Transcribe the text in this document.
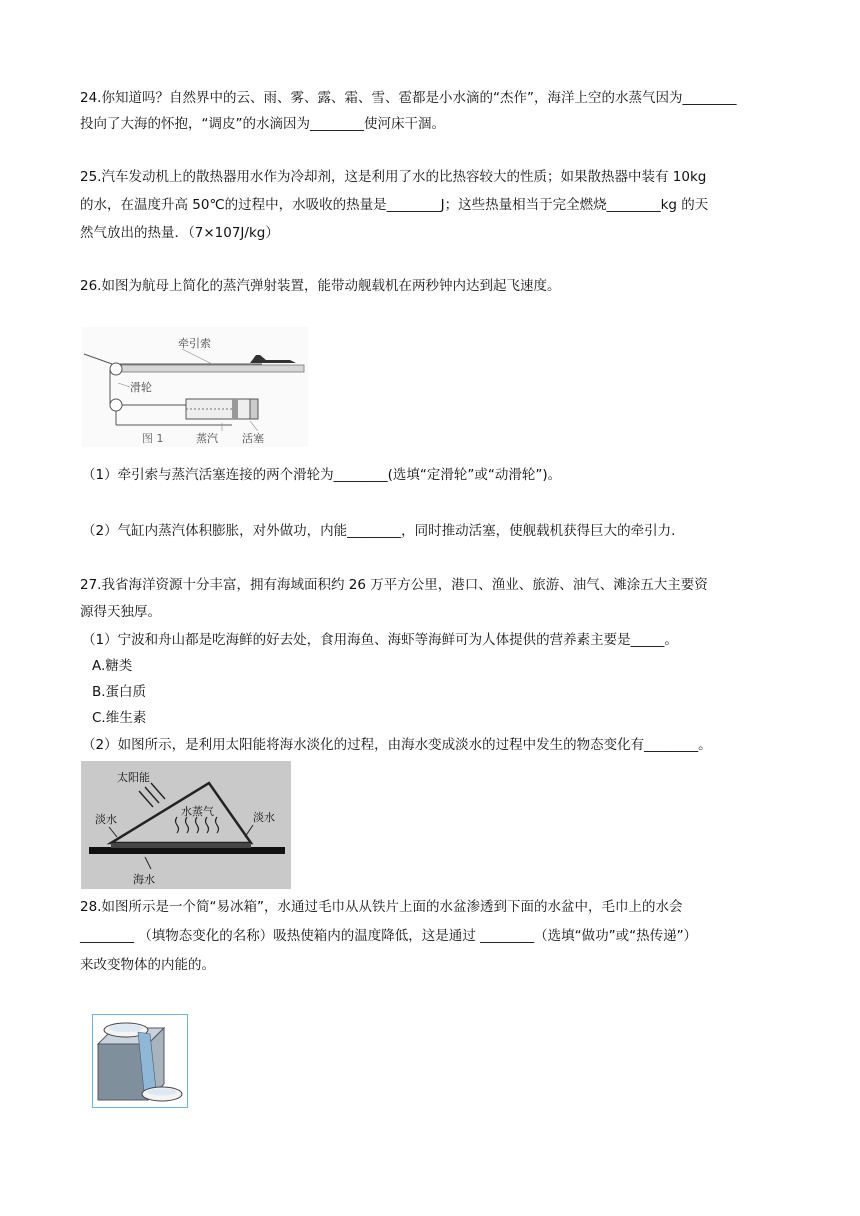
24.你知道吗？自然界中的云、雨、雾、露、霜、雪、雹都是小水滴的“杰作”，海洋上空的水蒸气因为________
投向了大海的怀抱，“调皮”的水滴因为________使河床干涸。
25.汽车发动机上的散热器用水作为冷却剂，这是利用了水的比热容较大的性质；如果散热器中装有 10kg
的水，在温度升高 50℃的过程中，水吸收的热量是________J；这些热量相当于完全燃烧________kg 的天
然气放出的热量．（7×107J/kg）
26.如图为航母上简化的蒸汽弹射装置，能带动舰载机在两秒钟内达到起飞速度。
牵引索
滑轮
图 1	蒸汽 活塞
（1）牵引索与蒸汽活塞连接的两个滑轮为________(选填“定滑轮”或“动滑轮”)。
（2）气缸内蒸汽体积膨胀，对外做功，内能________，同时推动活塞，使舰载机获得巨大的牵引力.
27.我省海洋资源十分丰富，拥有海域面积约 26 万平方公里，港口、渔业、旅游、油气、滩涂五大主要资
源得天独厚。
（1）宁波和舟山都是吃海鲜的好去处，食用海鱼、海虾等海鲜可为人体提供的营养素主要是_____。
A.糖类
B.蛋白质
C.维生素
（2）如图所示，是利用太阳能将海水淡化的过程，由海水变成淡水的过程中发生的物态变化有________。
太阳能
水蒸气
淡水	淡水
海水
28.如图所示是一个简“易冰箱”，水通过毛巾从从铁片上面的水盆渗透到下面的水盆中，毛巾上的水会
________ （填物态变化的名称）吸热使箱内的温度降低，这是通过 ________（选填“做功”或“热传递”）
来改变物体的内能的。
